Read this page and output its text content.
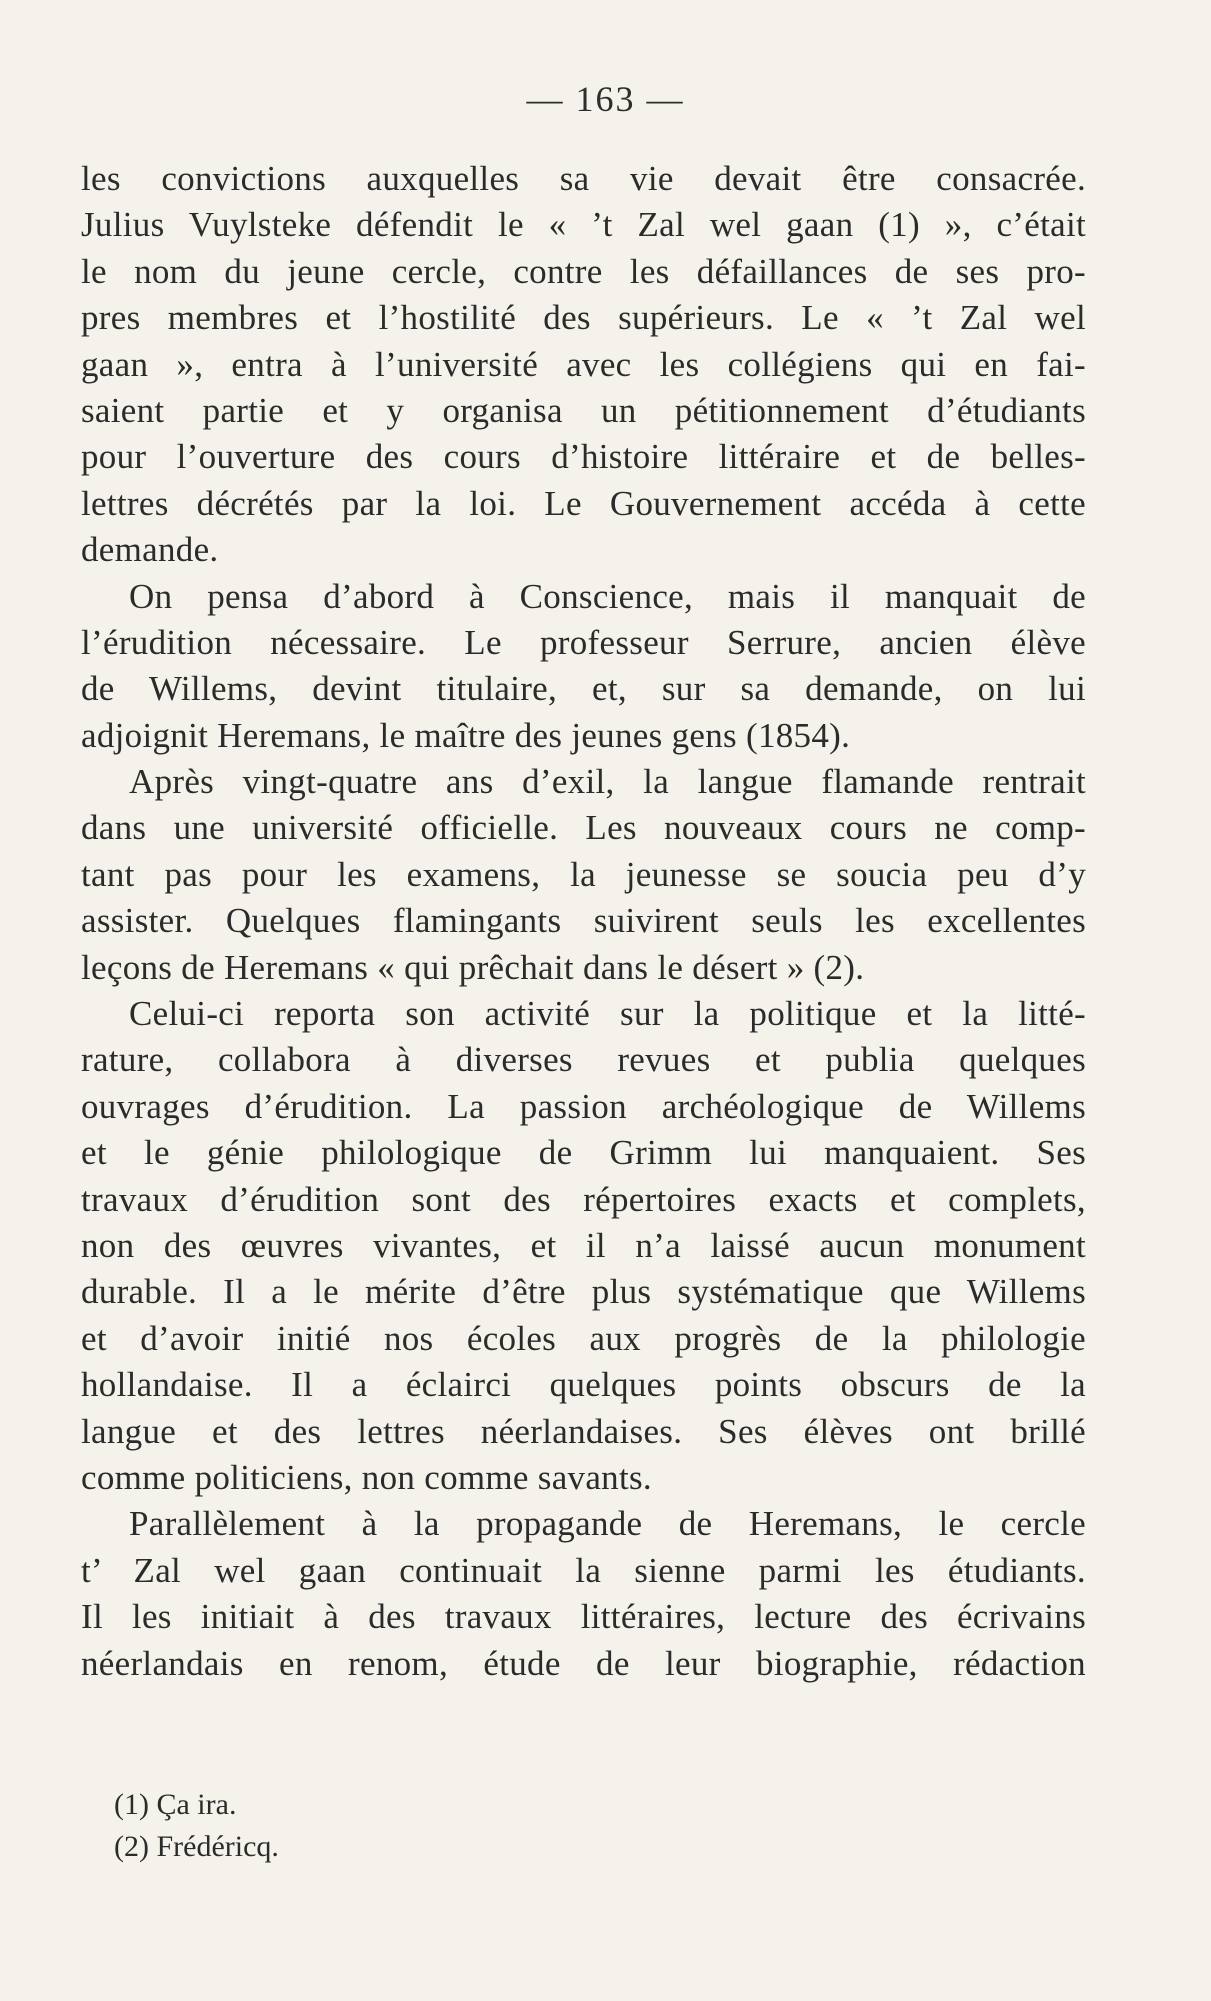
— 163 —
les convictions auxquelles sa vie devait être consacrée.
Julius Vuylsteke défendit le « ’t Zal wel gaan (1) », c’était
le nom du jeune cercle, contre les défaillances de ses pro-
pres membres et l’hostilité des supérieurs. Le « ’t Zal wel
gaan », entra à l’université avec les collégiens qui en fai-
saient partie et y organisa un pétitionnement d’étudiants
pour l’ouverture des cours d’histoire littéraire et de belles-
lettres décrétés par la loi. Le Gouvernement accéda à cette
demande.
On pensa d’abord à Conscience, mais il manquait de
l’érudition nécessaire. Le professeur Serrure, ancien élève
de Willems, devint titulaire, et, sur sa demande, on lui
adjoignit Heremans, le maître des jeunes gens (1854).
Après vingt-quatre ans d’exil, la langue flamande rentrait
dans une université officielle. Les nouveaux cours ne comp-
tant pas pour les examens, la jeunesse se soucia peu d’y
assister. Quelques flamingants suivirent seuls les excellentes
leçons de Heremans « qui prêchait dans le désert » (2).
Celui-ci reporta son activité sur la politique et la litté-
rature, collabora à diverses revues et publia quelques
ouvrages d’érudition. La passion archéologique de Willems
et le génie philologique de Grimm lui manquaient. Ses
travaux d’érudition sont des répertoires exacts et complets,
non des œuvres vivantes, et il n’a laissé aucun monument
durable. Il a le mérite d’être plus systématique que Willems
et d’avoir initié nos écoles aux progrès de la philologie
hollandaise. Il a éclairci quelques points obscurs de la
langue et des lettres néerlandaises. Ses élèves ont brillé
comme politiciens, non comme savants.
Parallèlement à la propagande de Heremans, le cercle
t’ Zal wel gaan continuait la sienne parmi les étudiants.
Il les initiait à des travaux littéraires, lecture des écrivains
néerlandais en renom, étude de leur biographie, rédaction
(1) Ça ira.
(2) Frédéricq.
